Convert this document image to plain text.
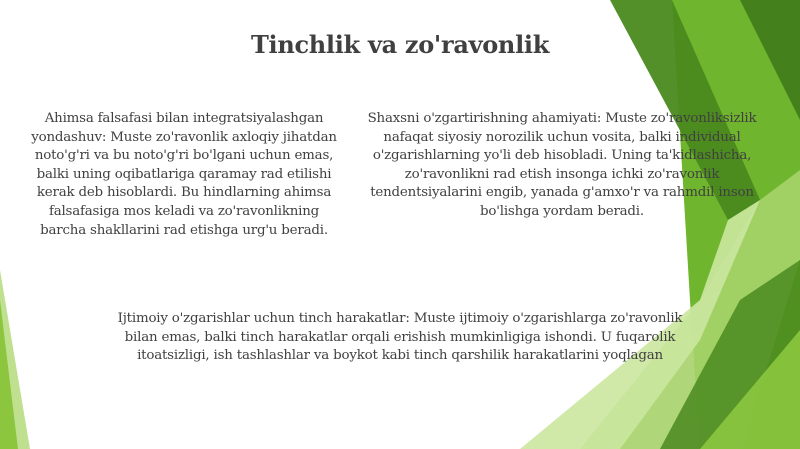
Tinchlik va zo'ravonlik

Ahimsa falsafasi bilan integratsiyalashgan yondashuv: Muste zo'ravonlik axloqiy jihatdan noto'g'ri va bu noto'g'ri bo'lgani uchun emas, balki uning oqibatlariga qaramay rad etilishi kerak deb hisoblardi. Bu hindlarning ahimsa falsafasiga mos keladi va zo'ravonlikning barcha shakllarini rad etishga urg'u beradi.

Shaxsni o'zgartirishning ahamiyati: Muste zo'ravonliksizlik nafaqat siyosiy norozilik uchun vosita, balki individual o'zgarishlarning yo'li deb hisobladi. Uning ta'kidlashicha, zo'ravonlikni rad etish insonga ichki zo'ravonlik tendentsiyalarini engib, yanada g'amxo'r va rahmdil inson bo'lishga yordam beradi.

Ijtimoiy o'zgarishlar uchun tinch harakatlar: Muste ijtimoiy o'zgarishlarga zo'ravonlik bilan emas, balki tinch harakatlar orqali erishish mumkinligiga ishondi. U fuqarolik itoatsizligi, ish tashlashlar va boykot kabi tinch qarshilik harakatlarini yoqlagan
